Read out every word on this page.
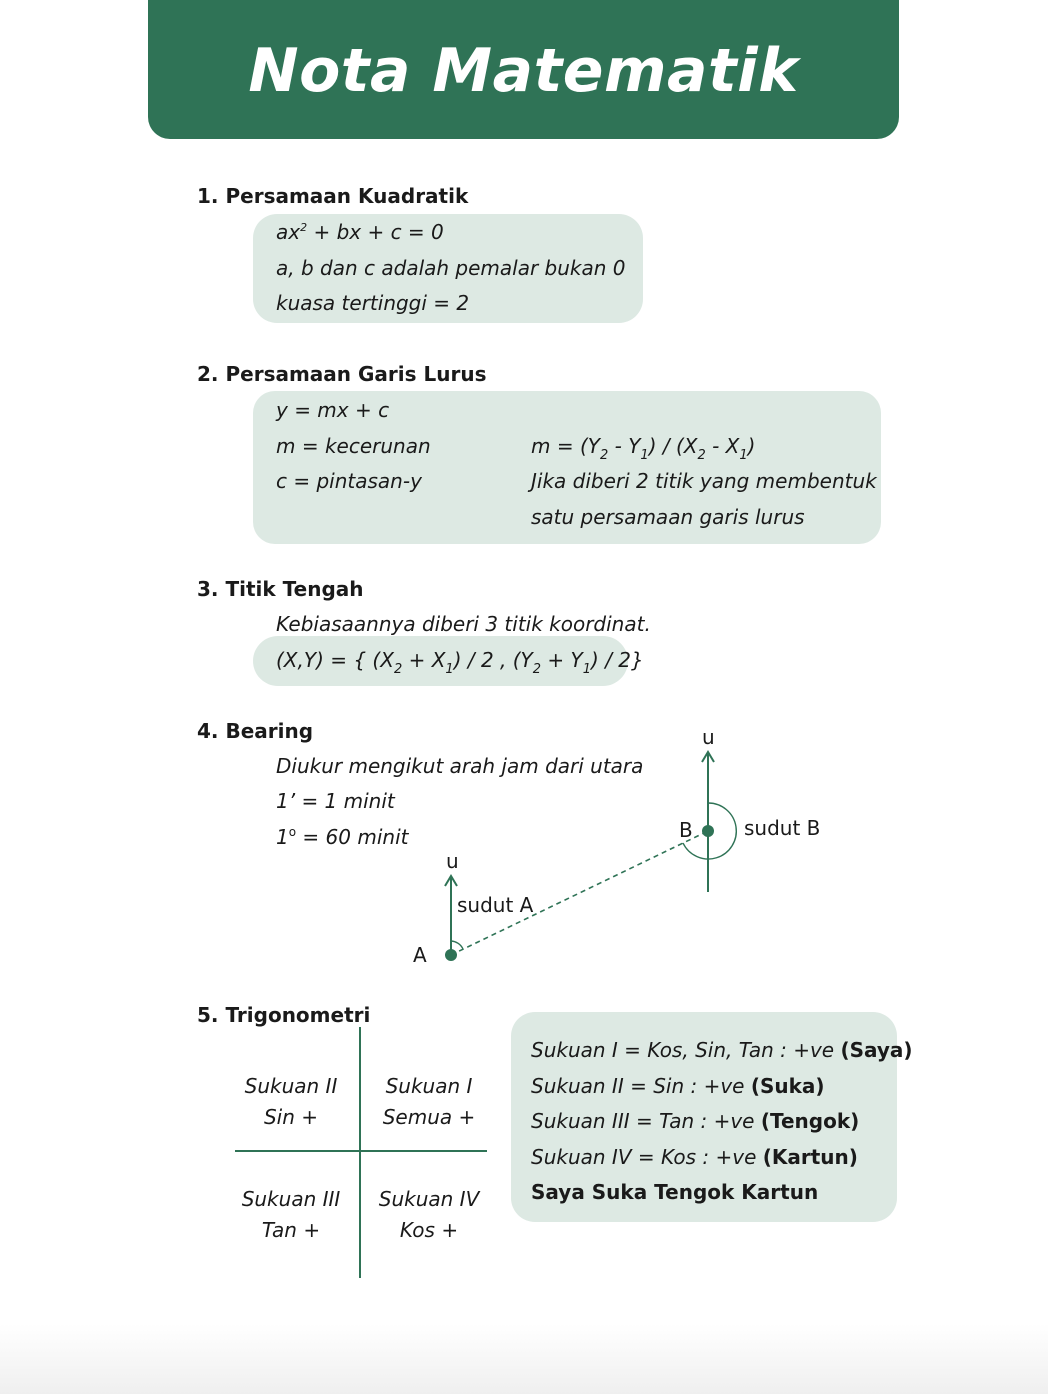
Nota Matematik
1. Persamaan Kuadratik
$ax^2$ + bx + c = 0
a, b dan c adalah pemalar bukan 0
kuasa tertinggi = 2
2. Persamaan Garis Lurus
y = mx + c
m = kecerunan
c = pintasan-y
$m = (Y_2 - Y_1) / (X_2 - X_1)$
Jika diberi 2 titik yang membentuk
satu persamaan garis lurus
3. Titik Tengah
Kebiasaannya diberi 3 titik koordinat.
(X,Y) = { $(X_2 + X_1) / 2$ , $(Y_2 + Y_1) / 2$}
4. Bearing
Diukur mengikut arah jam dari utara
1’ = 1 minit
$1^o = 60$ minit
u
u
A
B
sudut A
sudut B
5. Trigonometri
Sukuan II
Sin +
Sukuan I
Semua +
Sukuan III
Tan +
Sukuan IV
Kos +
Sukuan I = Kos, Sin, Tan : +ve (Saya)
Sukuan II = Sin : +ve (Suka)
Sukuan III = Tan : +ve (Tengok)
Sukuan IV = Kos : +ve (Kartun)
Saya Suka Tengok Kartun
